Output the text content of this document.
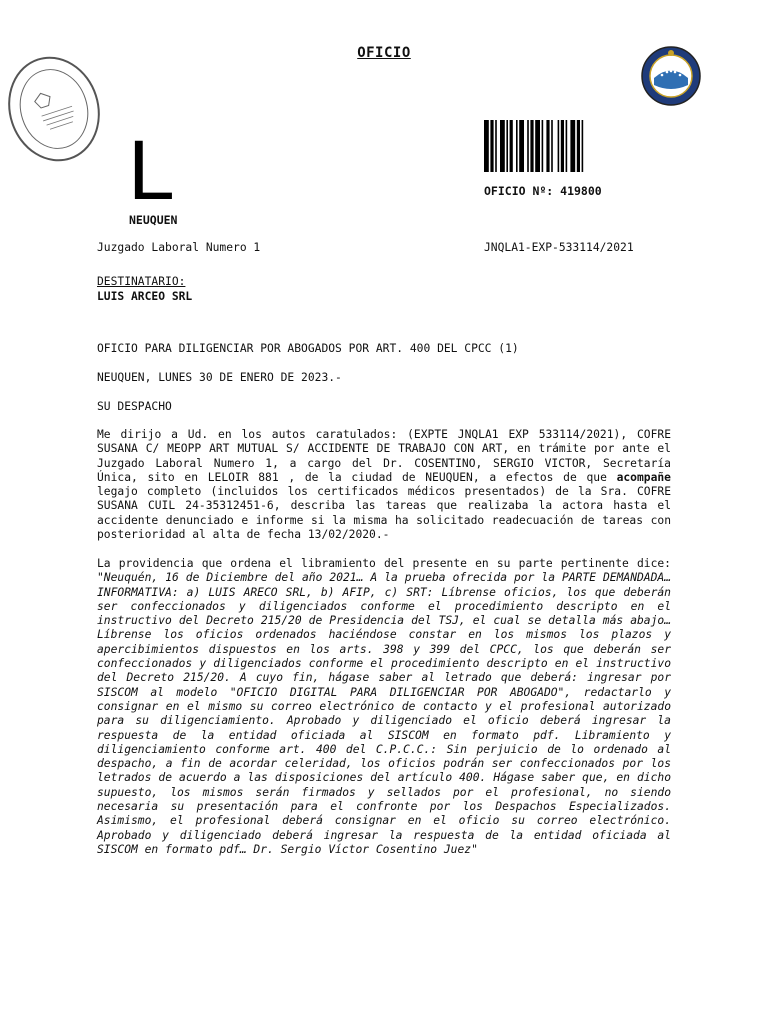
OFICIO
L
NEUQUEN
OFICIO Nº: 419800
Juzgado Laboral Numero 1	JNQLA1-EXP-533114/2021
DESTINATARIO:
LUIS ARCEO SRL
OFICIO PARA DILIGENCIAR POR ABOGADOS POR ART. 400 DEL CPCC (1)
NEUQUEN, LUNES 30 DE ENERO DE 2023.-
SU DESPACHO
Me dirijo a Ud. en los autos caratulados: (EXPTE JNQLA1 EXP 533114/2021), COFRE SUSANA C/ MEOPP ART MUTUAL S/ ACCIDENTE DE TRABAJO CON ART, en trámite por ante el Juzgado Laboral Numero 1, a cargo del Dr. COSENTINO, SERGIO VICTOR, Secretaría Única, sito en LELOIR 881 , de la ciudad de NEUQUEN, a efectos de que acompañe legajo completo (incluidos los certificados médicos presentados) de la Sra. COFRE SUSANA CUIL 24-35312451-6, describa las tareas que realizaba la actora hasta el accidente denunciado e informe si la misma ha solicitado readecuación de tareas con posterioridad al alta de fecha 13/02/2020.-
La providencia que ordena el libramiento del presente en su parte pertinente dice: "Neuquén, 16 de Diciembre del año 2021… A la prueba ofrecida por la PARTE DEMANDADA… INFORMATIVA: a) LUIS ARECO SRL, b) AFIP, c) SRT: Líbrense oficios, los que deberán ser confeccionados y diligenciados conforme el procedimiento descripto en el instructivo del Decreto 215/20 de Presidencia del TSJ, el cual se detalla más abajo… Líbrense los oficios ordenados haciéndose constar en los mismos los plazos y apercibimientos dispuestos en los arts. 398 y 399 del CPCC, los que deberán ser confeccionados y diligenciados conforme el procedimiento descripto en el instructivo del Decreto 215/20. A cuyo fin, hágase saber al letrado que deberá: ingresar por SISCOM al modelo "OFICIO DIGITAL PARA DILIGENCIAR POR ABOGADO", redactarlo y consignar en el mismo su correo electrónico de contacto y el profesional autorizado para su diligenciamiento. Aprobado y diligenciado el oficio deberá ingresar la respuesta de la entidad oficiada al SISCOM en formato pdf. Libramiento y diligenciamiento conforme art. 400 del C.P.C.C.: Sin perjuicio de lo ordenado al despacho, a fin de acordar celeridad, los oficios podrán ser confeccionados por los letrados de acuerdo a las disposiciones del artículo 400. Hágase saber que, en dicho supuesto, los mismos serán firmados y sellados por el profesional, no siendo necesaria su presentación para el confronte por los Despachos Especializados. Asimismo, el profesional deberá consignar en el oficio su correo electrónico. Aprobado y diligenciado deberá ingresar la respuesta de la entidad oficiada al SISCOM en formato pdf… Dr. Sergio Víctor Cosentino Juez"
